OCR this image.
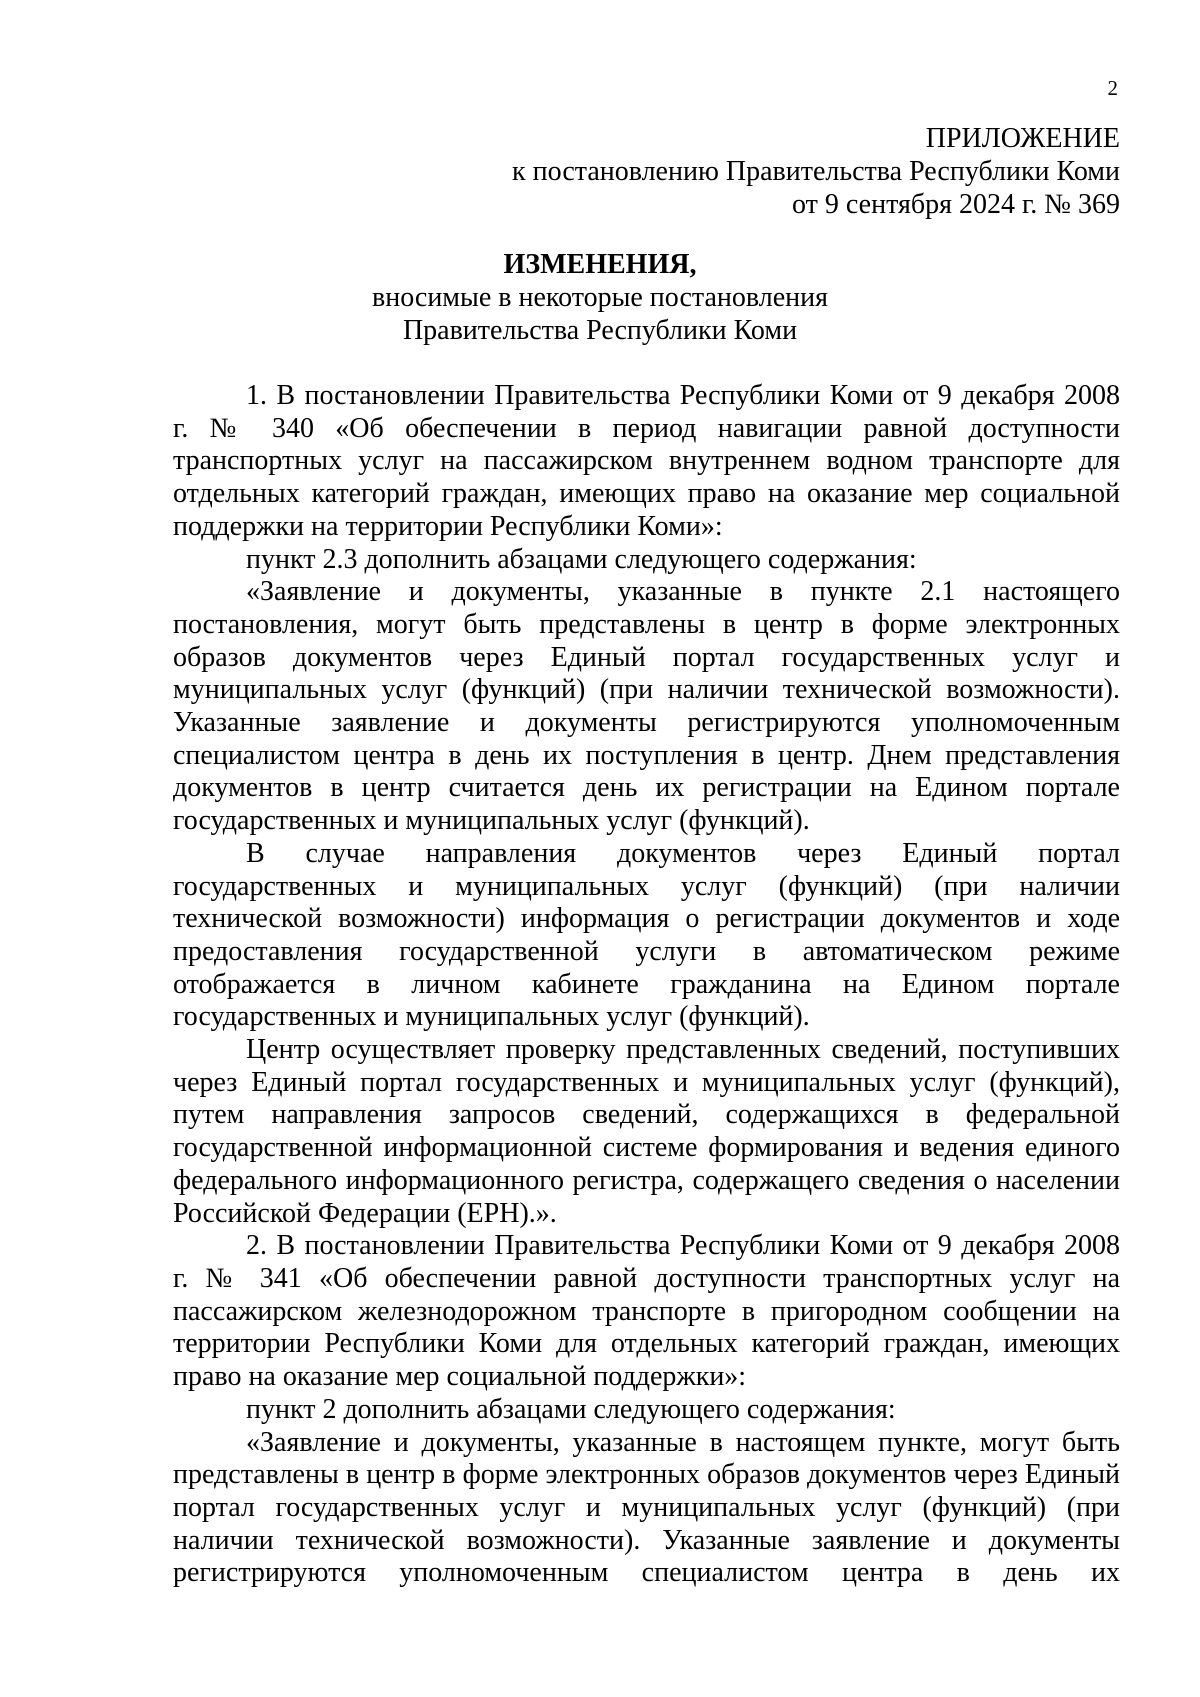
2
ПРИЛОЖЕНИЕ
к постановлению Правительства Республики Коми
от 9 сентября 2024 г. № 369
ИЗМЕНЕНИЯ,
вносимые в некоторые постановления
Правительства Республики Коми

1. В постановлении Правительства Республики Коми от 9 декабря 2008 г. № 340 «Об обеспечении в период навигации равной доступности транспортных услуг на пассажирском внутреннем водном транспорте для отдельных категорий граждан, имеющих право на оказание мер социальной поддержки на территории Республики Коми»:

пункт 2.3 дополнить абзацами следующего содержания:

«Заявление и документы, указанные в пункте 2.1 настоящего постановления, могут быть представлены в центр в форме электронных образов документов через Единый портал государственных услуг и муниципальных услуг (функций) (при наличии технической возможности). Указанные заявление и документы регистрируются уполномоченным специалистом центра в день их поступления в центр. Днем представления документов в центр считается день их регистрации на Едином портале государственных и муниципальных услуг (функций).

В случае направления документов через Единый портал государственных и муниципальных услуг (функций) (при наличии технической возможности) информация о регистрации документов и ходе предоставления государственной услуги в автоматическом режиме отображается в личном кабинете гражданина на Едином портале государственных и муниципальных услуг (функций).

Центр осуществляет проверку представленных сведений, поступивших через Единый портал государственных и муниципальных услуг (функций), путем направления запросов сведений, содержащихся в федеральной государственной информационной системе формирования и ведения единого федерального информационного регистра, содержащего сведения о населении Российской Федерации (ЕРН).».

2. В постановлении Правительства Республики Коми от 9 декабря 2008 г. № 341 «Об обеспечении равной доступности транспортных услуг на пассажирском железнодорожном транспорте в пригородном сообщении на территории Республики Коми для отдельных категорий граждан, имеющих право на оказание мер социальной поддержки»:

пункт 2 дополнить абзацами следующего содержания:

«Заявление и документы, указанные в настоящем пункте, могут быть представлены в центр в форме электронных образов документов через Единый портал государственных услуг и муниципальных услуг (функций) (при наличии технической возможности). Указанные заявление и документы регистрируются уполномоченным специалистом центра в день их
